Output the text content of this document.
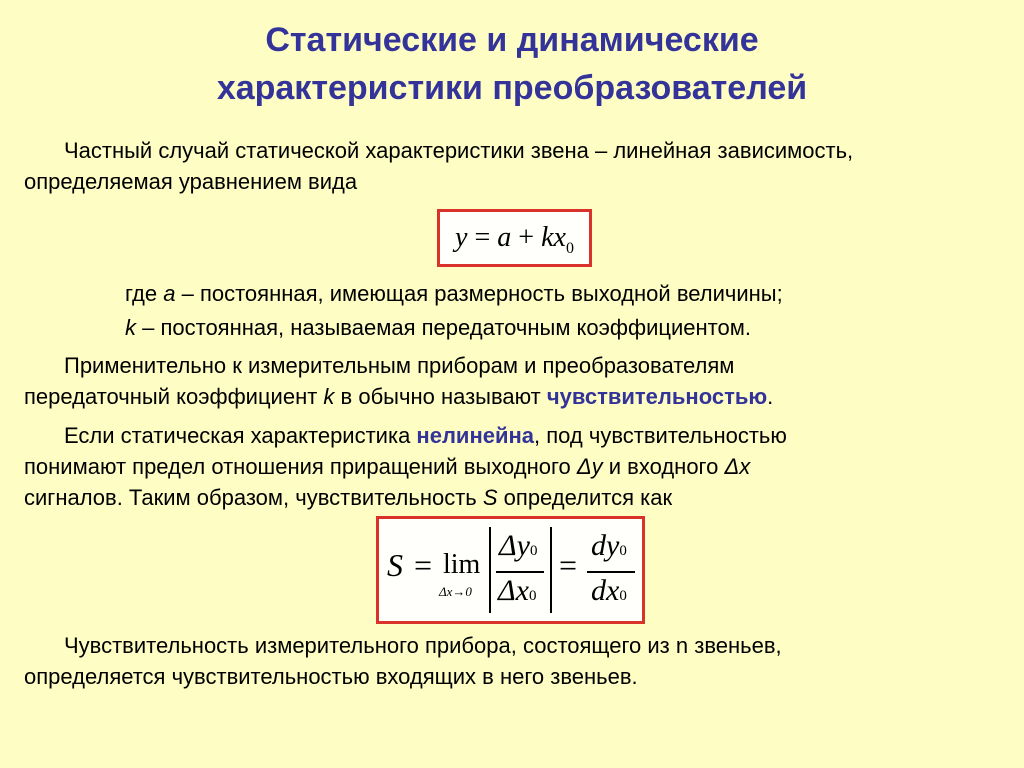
Статические и динамические
характеристики преобразователей
Частный случай статической характеристики звена – линейная зависимость,
определяемая уравнением вида
$y = a + kx_0$
где a – постоянная, имеющая размерность выходной величины;
k – постоянная, называемая передаточным коэффициентом.
Применительно к измерительным приборам и преобразователям
передаточный коэффициент k в обычно называют чувствительностью.
Если статическая характеристика нелинейна, под чувствительностью
понимают предел отношения приращений выходного Δy и входного Δx
сигналов. Таким образом, чувствительность S определится как
S = lim
Δx→0
Δy0
Δx0
=
dy0
dx0
Чувствительность измерительного прибора, состоящего из n звеньев,
определяется чувствительностью входящих в него звеньев.
